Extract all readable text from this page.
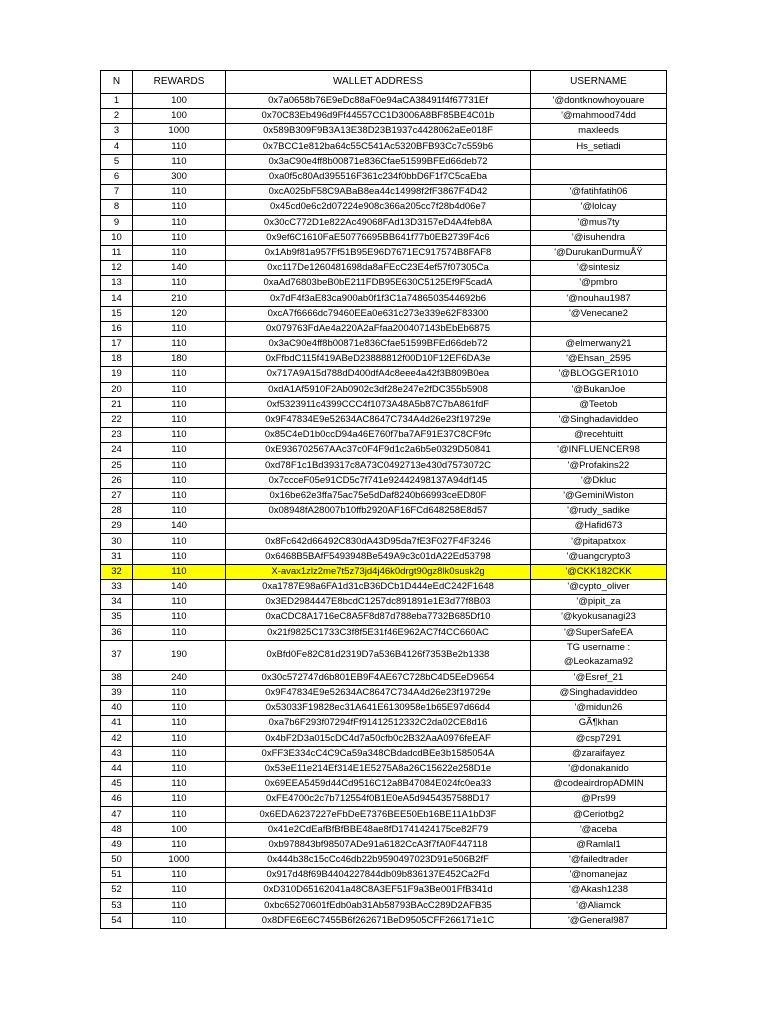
N	REWARDS	WALLET ADDRESS	USERNAME
1	100	0x7a0658b76E9eDc88aF0e94aCA38491f4f67731Ef	'@dontknowhoyouare
2	100	0x70C83Eb496d9Ff44557CC1D3006A8BF85BE4C01b	'@mahmood74dd
3	1000	0x589B309F9B3A13E38D23B1937c4428062aEe018F	maxleeds
4	110	0x7BCC1e812ba64c55C541Ac5320BFB93Cc7c559b6	Hs_setiadi
5	110	0x3aC90e4ff8b00871e836Cfae51599BFEd66deb72	
6	300	0xa0f5c80Ad395516F361c234f0bbD6F1f7C5caEba	
7	110	0xcA025bF58C9ABaB8ea44c14998f2fF3867F4D42	'@fatihfatih06
8	110	0x45cd0e6c2d07224e908c366a205cc7f28b4d06e7	'@lolcay
9	110	0x30cC772D1e822Ac49068FAd13D3157eD4A4feb8A	'@mus7ty
10	110	0x9ef6C1610FaE50776695BB641f77b0EB2739F4c6	'@isuhendra
11	110	0x1Ab9f81a957Ff51B95E96D7671EC917574B8FAF8	'@DurukanDurmuÅŸ
12	140	0xc117De1260481698da8aFEcC23E4ef57f07305Ca	'@sintesiz
13	110	0xaAd76803beB0bE211FDB95E630C5125Ef9F5cadA	'@pmbro
14	210	0x7dF4f3aE83ca900ab0f1f3C1a7486503544692b6	'@nouhau1987
15	120	0xcA7f6666dc79460EEa0e631c273e339e62F83300	'@Venecane2
16	110	0x079763FdAe4a220A2aFfaa200407143bEbEb6875	
17	110	0x3aC90e4ff8b00871e836Cfae51599BFEd66deb72	@elmerwany21
18	180	0xFfbdC115f419ABeD23888812f00D10F12EF6DA3e	'@Ehsan_2595
19	110	0x717A9A15d788dD400dfA4c8eee4a42f3B809B0ea	'@BLOGGER1010
20	110	0xdA1Af5910F2Ab0902c3df28e247e2fDC355b5908	'@BukanJoe
21	110	0xf5323911c4399CCC4f1073A48A5b87C7bA861fdF	@Teetob
22	110	0x9F47834E9e52634AC8647C734A4d26e23f19729e	'@Singhadaviddeo
23	110	0x85C4eD1b0ccD94a46E760f7ba7AF91E37C8CF9fc	@recehtuitt
24	110	0xE936702567AAc37c0F4F9d1c2a6b5e0329D50841	'@INFLUENCER98
25	110	0xd78F1c1Bd39317c8A73C0492713e430d7573072C	'@Profakins22
26	110	0x7ccceF05e91CD5c7f741e92442498137A94df145	'@Dkluc
27	110	0x16be62e3ffa75ac75e5dDaf8240b66993ceED80F	'@GeminiWiston
28	110	0x08948fA28007b10ffb2920AF16FCd648258E8d57	'@rudy_sadike
29	140		@Hafid673
30	110	0x8Fc642d66492C830dA43D95da7fE3F027F4F3246	'@pitapatxox
31	110	0x6468B5BAfF5493948Be549A9c3c01dA22Ed53798	'@uangcrypto3
32	110	X-avax1zlz2me7t5z73jd4j46k0drgt90gz8lk0susk2g	'@CKK182CKK
33	140	0xa1787E98a6FA1d31cB36DCb1D444eEdC242F1648	'@cypto_oliver
34	110	0x3ED2984447E8bcdC1257dc891891e1E3d77f8B03	'@pipit_za
35	110	0xaCDC8A1716eC8A5F8d87d788eba7732B685Df10	'@kyokusanagi23
36	110	0x21f9825C1733C3f8f5E31f46E962AC7f4CC660AC	'@SuperSafeEA
37	190	0xBfd0Fe82C81d2319D7a536B4126f7353Be2b1338	TG username :
@Leokazama92

38	240	0x30c572747d6b801EB9F4AE67C728bC4D5EeD9654	'@Esref_21
39	110	0x9F47834E9e52634AC8647C734A4d26e23f19729e	@Singhadaviddeo
40	110	0x53033F19828ec31A641E6130958e1b65E97d66d4	'@midun26
41	110	0xa7b6F293f07294fFf91412512332C2da02CE8d16	GÃ¶khan
42	110	0x4bF2D3a015cDC4d7a50cfb0c2B32AaA0976feEAF	@csp7291
43	110	0xFF3E334cC4C9Ca59a348CBdadcdBEe3b1585054A	@zaraifayez
44	110	0x53eE11e214Ef314E1E5275A8a26C15622e258D1e	'@donakanido
45	110	0x69EEA5459d44Cd9516C12a8B47084E024fc0ea33	@codeairdropADMIN
46	110	0xFE4700c2c7b712554f0B1E0eA5d9454357588D17	@Prs99
47	110	0x6EDA6237227eFbDeE7376BEE50Eb16BE11A1bD3F	@Ceriotbg2
48	100	0x41e2CdEafBfBfBBE48ae8fD1741424175ce82F79	'@aceba
49	110	0xb978843bf98507ADe91a6182CcA3f7fA0F447118	@Ramlal1
50	1000	0x444b38c15cCc46db22b9590497023D91e506B2fF	'@failedtrader
51	110	0x917d48f69B4404227844db09b836137E452Ca2Fd	'@nomanejaz
52	110	0xD310D65162041a48C8A3EF51F9a3Be001FfB341d	'@Akash1238
53	110	0xbc65270601fEdb0ab31Ab58793BAcC289D2AFB35	'@Aliamck
54	110	0x8DFE6E6C7455B6f262671BeD9505CFF266171e1C	'@General987
